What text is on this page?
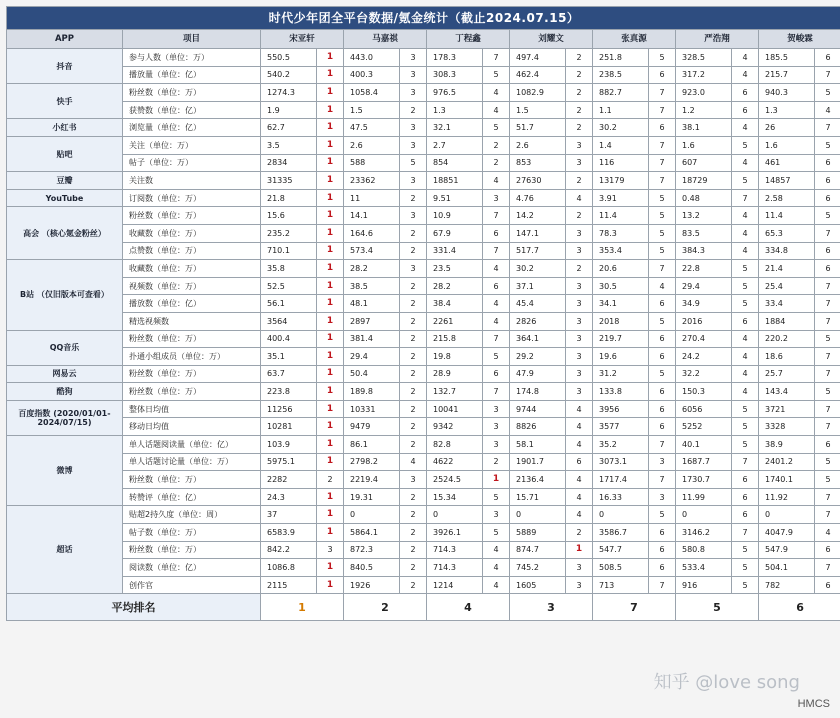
时代少年团全平台数据/氪金统计（截止2024.07.15）															
APP	项目	宋亚轩		马嘉祺		丁程鑫		刘耀文		张真源		严浩翔		贺峻霖	
抖音	参与人数（单位：万）	550.5	1	443.0	3	178.3	7	497.4	2	251.8	5	328.5	4	185.5	6
	播放量（单位：亿）	540.2	1	400.3	3	308.3	5	462.4	2	238.5	6	317.2	4	215.7	7
快手	粉丝数（单位：万）	1274.3	1	1058.4	3	976.5	4	1082.9	2	882.7	7	923.0	6	940.3	5
	获赞数（单位：亿）	1.9	1	1.5	2	1.3	4	1.5	2	1.1	7	1.2	6	1.3	4
小红书	浏览量（单位：亿）	62.7	1	47.5	3	32.1	5	51.7	2	30.2	6	38.1	4	26	7
贴吧	关注（单位：万）	3.5	1	2.6	3	2.7	2	2.6	3	1.4	7	1.6	5	1.6	5
	帖子（单位：万）	2834	1	588	5	854	2	853	3	116	7	607	4	461	6
豆瓣	关注数	31335	1	23362	3	18851	4	27630	2	13179	7	18729	5	14857	6
YouTube	订阅数（单位：万）	21.8	1	11	2	9.51	3	4.76	4	3.91	5	0.48	7	2.58	6
高会 （核心氪金粉丝）	粉丝数（单位：万）	15.6	1	14.1	3	10.9	7	14.2	2	11.4	5	13.2	4	11.4	5
	收藏数（单位：万）	235.2	1	164.6	2	67.9	6	147.1	3	78.3	5	83.5	4	65.3	7
	点赞数（单位：万）	710.1	1	573.4	2	331.4	7	517.7	3	353.4	5	384.3	4	334.8	6
B站 （仅旧版本可查看）	收藏数（单位：万）	35.8	1	28.2	3	23.5	4	30.2	2	20.6	7	22.8	5	21.4	6
	视频数（单位：万）	52.5	1	38.5	2	28.2	6	37.1	3	30.5	4	29.4	5	25.4	7
	播放数（单位：亿）	56.1	1	48.1	2	38.4	4	45.4	3	34.1	6	34.9	5	33.4	7
	精选视频数	3564	1	2897	2	2261	4	2826	3	2018	5	2016	6	1884	7
QQ音乐	粉丝数（单位：万）	400.4	1	381.4	2	215.8	7	364.1	3	219.7	6	270.4	4	220.2	5
	扑通小组成员（单位：万）	35.1	1	29.4	2	19.8	5	29.2	3	19.6	6	24.2	4	18.6	7
网易云	粉丝数（单位：万）	63.7	1	50.4	2	28.9	6	47.9	3	31.2	5	32.2	4	25.7	7
酷狗	粉丝数（单位：万）	223.8	1	189.8	2	132.7	7	174.8	3	133.8	6	150.3	4	143.4	5
百度指数 (2020/01/01-2024/07/15)	整体日均值	11256	1	10331	2	10041	3	9744	4	3956	6	6056	5	3721	7
	移动日均值	10281	1	9479	2	9342	3	8826	4	3577	6	5252	5	3328	7
微博	单人话题阅读量（单位：亿）	103.9	1	86.1	2	82.8	3	58.1	4	35.2	7	40.1	5	38.9	6
	单人话题讨论量（单位：万）	5975.1	1	2798.2	4	4622	2	1901.7	6	3073.1	3	1687.7	7	2401.2	5
	粉丝数（单位：万）	2282	2	2219.4	3	2524.5	1	2136.4	4	1717.4	7	1730.7	6	1740.1	5
	转赞评（单位：亿）	24.3	1	19.31	2	15.34	5	15.71	4	16.33	3	11.99	6	11.92	7
超话	贴超2持久度（单位：周）	37	1	0	2	0	3	0	4	0	5	0	6	0	7
	帖子数（单位：万）	6583.9	1	5864.1	2	3926.1	5	5889	2	3586.7	6	3146.2	7	4047.9	4
	粉丝数（单位：万）	842.2	3	872.3	2	714.3	4	874.7	1	547.7	6	580.8	5	547.9	6
	阅读数（单位：亿）	1086.8	1	840.5	2	714.3	4	745.2	3	508.5	6	533.4	5	504.1	7
	创作官	2115	1	1926	2	1214	4	1605	3	713	7	916	5	782	6
平均排名		1		2		4		3		7		5		6	
知乎 @love song
HMCS
